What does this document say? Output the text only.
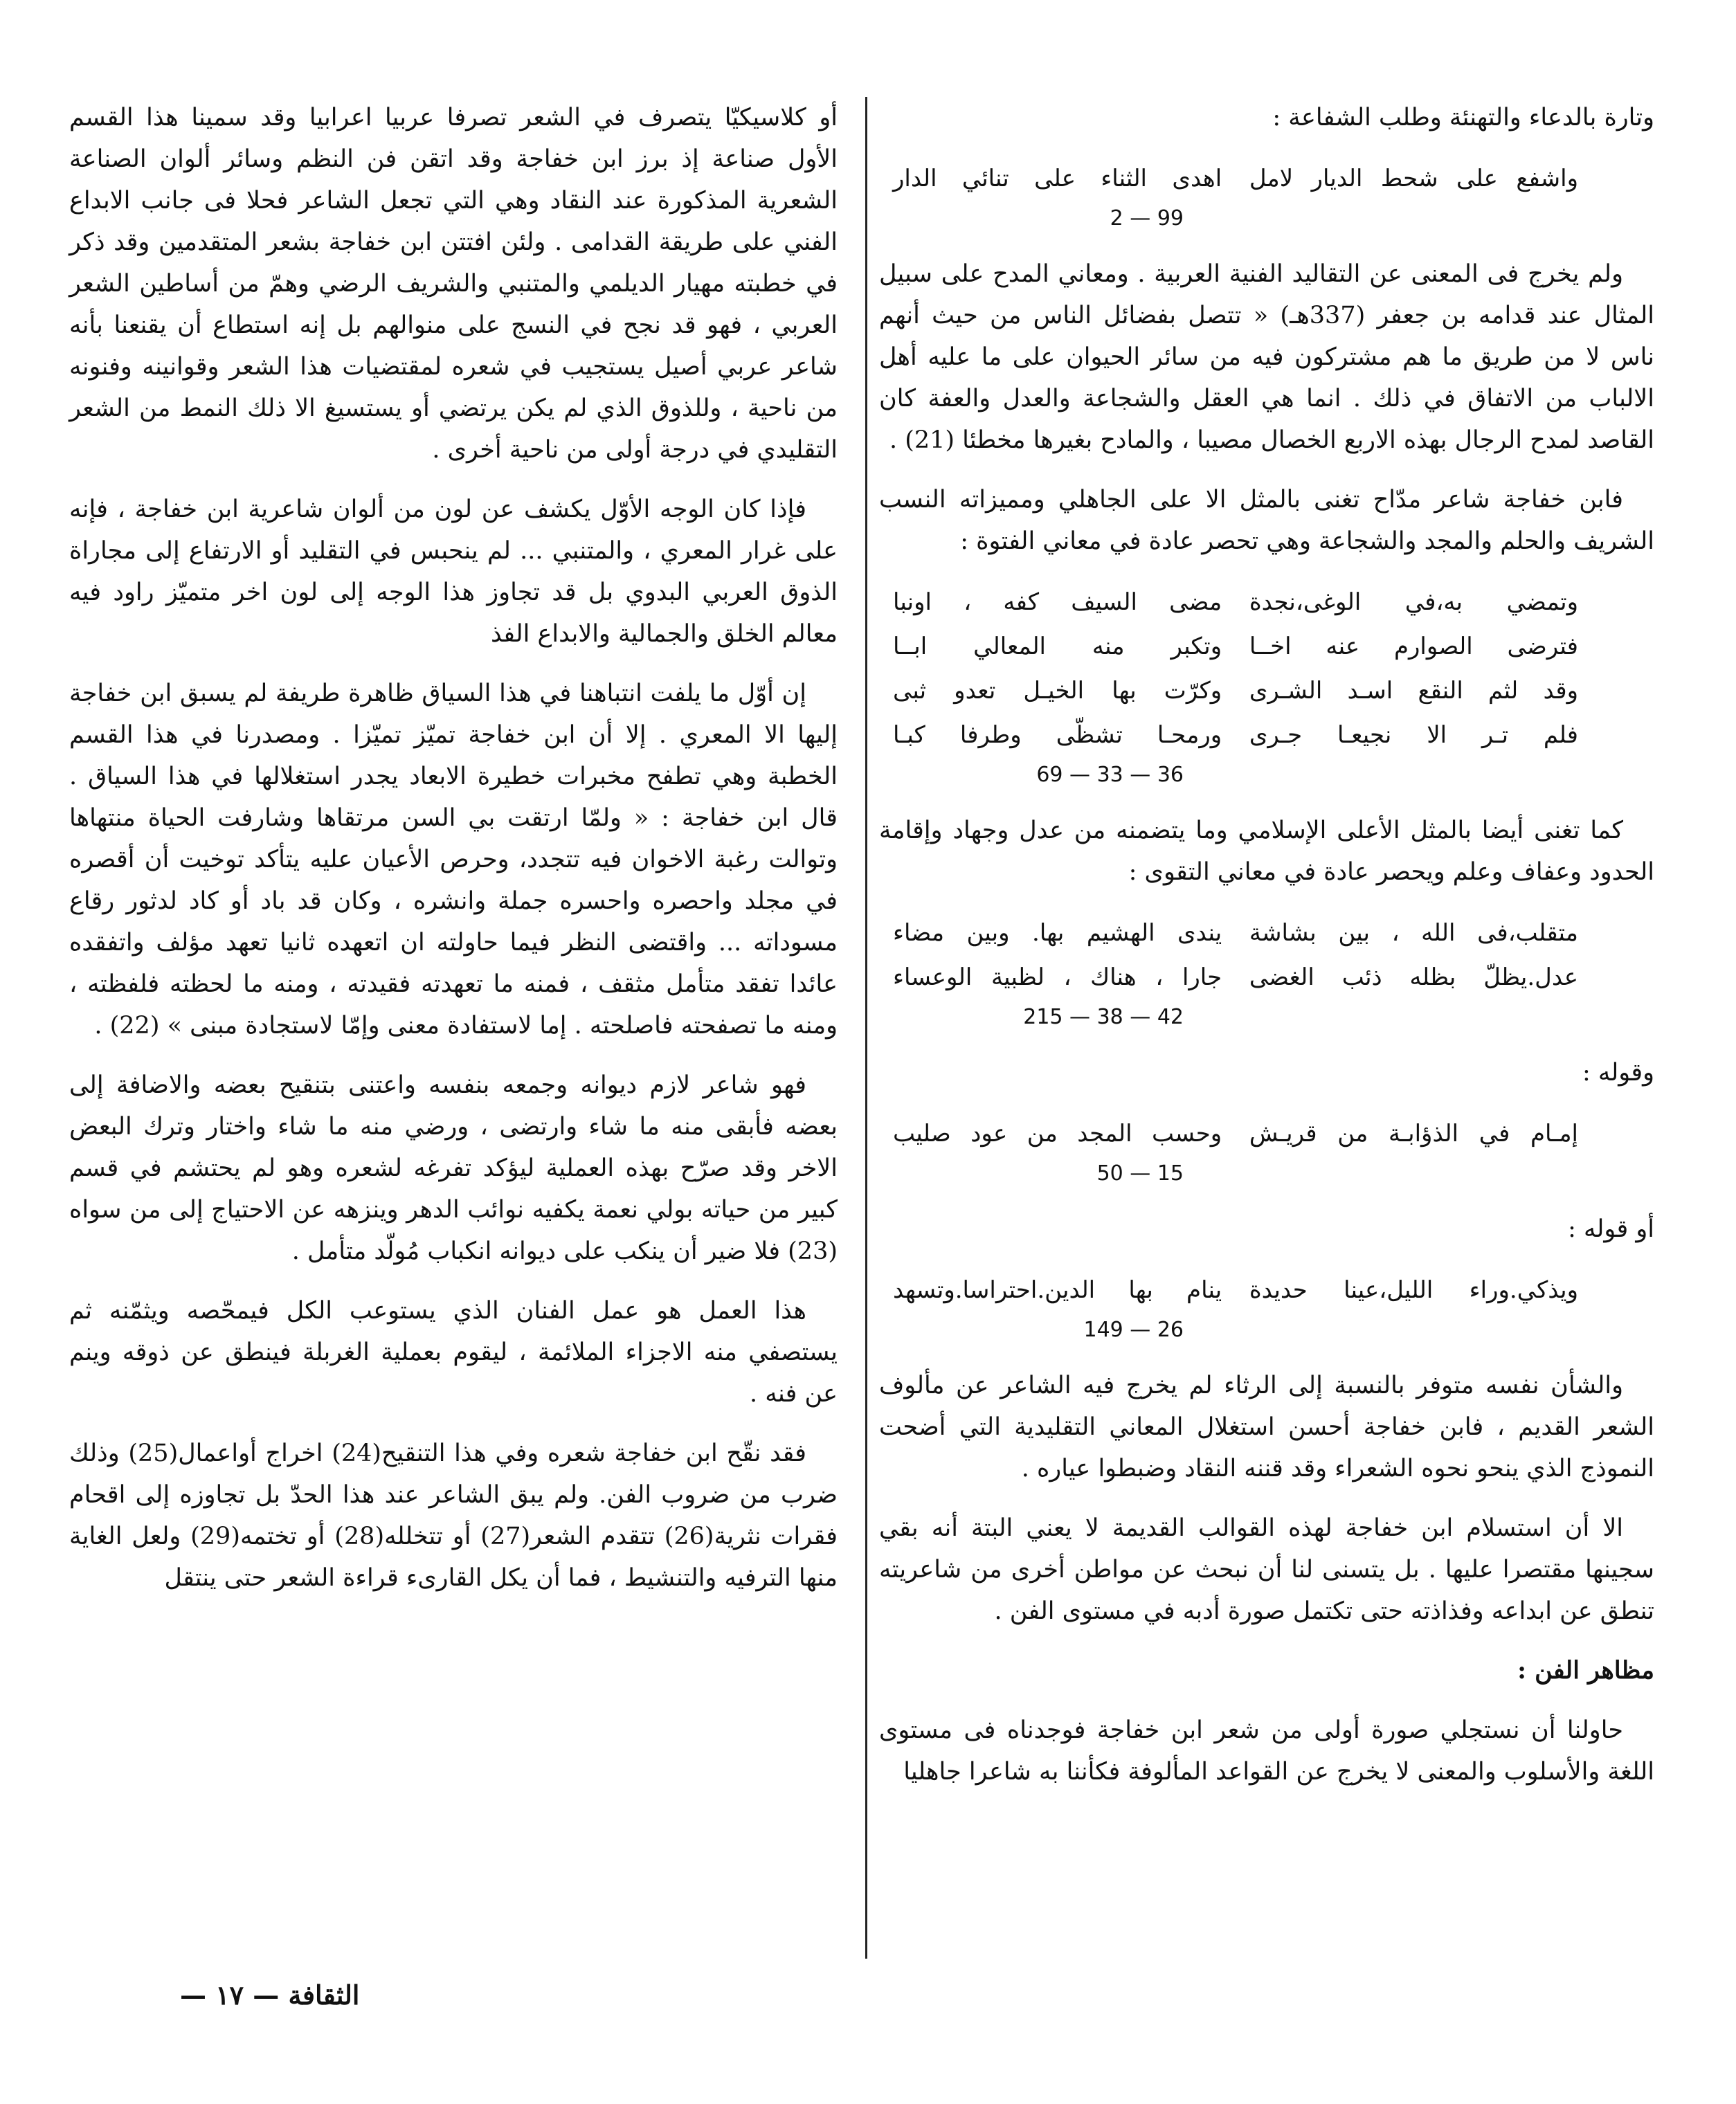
وتارة بالدعاء والتهنئة وطلب الشفاعة :

واشفع على شحط الديار لامل
اهدى الثناء على تنائي الدار
2 — 99

ولم يخرج فى المعنى عن التقاليد الفنية العربية . ومعاني المدح على سبيل المثال عند قدامه بن جعفر (337هـ) « تتصل بفضائل الناس من حيث أنهم ناس لا من طريق ما هم مشتركون فيه من سائر الحيوان على ما عليه أهل الالباب من الاتفاق في ذلك . انما هي العقل والشجاعة والعدل والعفة كان القاصد لمدح الرجال بهذه الاربع الخصال مصيبا ، والمادح بغيرها مخطئا (21) .

فابن خفاجة شاعر مدّاح تغنى بالمثل الا على الجاهلي ومميزاته النسب الشريف والحلم والمجد والشجاعة وهي تحصر عادة في معاني الفتوة :

وتمضي به،في الوغى،نجدة
مضى السيف كفه ، اونبا
فترضى الصوارم عنه اخــا
وتكبر منه المعالي ابــا
وقد لثم النقع اسـد الشـرى
وكرّت بها الخيـل تعدو ثبى
فلم تـر الا نجيعـا جـرى
ورمحـا تشظّى وطرفا كبـا
69 — 33 — 36

كما تغنى أيضا بالمثل الأعلى الإسلامي وما يتضمنه من عدل وجهاد وإقامة الحدود وعفاف وعلم ويحصر عادة في معاني التقوى :

متقلب،فى الله ، بين بشاشة
يندى الهشيم بها. وبين مضاء
عدل.يظلّ بظله ذئب الغضى
جارا ، هناك ، لظبية الوعساء
215 — 38 — 42

وقوله :

إمـام في الذؤابـة من قريـش
وحسب المجد من عود صليب
50 — 15

أو قوله :

ويذكي.وراء الليل،عينا حديدة
ينام بها الدين.احتراسا.وتسهد
149 — 26

والشأن نفسه متوفر بالنسبة إلى الرثاء لم يخرج فيه الشاعر عن مألوف الشعر القديم ، فابن خفاجة أحسن استغلال المعاني التقليدية التي أضحت النموذج الذي ينحو نحوه الشعراء وقد قننه النقاد وضبطوا عياره .

الا أن استسلام ابن خفاجة لهذه القوالب القديمة لا يعني البتة أنه بقي سجينها مقتصرا عليها . بل يتسنى لنا أن نبحث عن مواطن أخرى من شاعريته تنطق عن ابداعه وفذاذته حتى تكتمل صورة أدبه في مستوى الفن .

مظاهر الفن :

حاولنا أن نستجلي صورة أولى من شعر ابن خفاجة فوجدناه فى مستوى اللغة والأسلوب والمعنى لا يخرج عن القواعد المألوفة فكأننا به شاعرا جاهليا

أو كلاسيكيّا يتصرف في الشعر تصرفا عربيا اعرابيا وقد سمينا هذا القسم الأول صناعة إذ برز ابن خفاجة وقد اتقن فن النظم وسائر ألوان الصناعة الشعرية المذكورة عند النقاد وهي التي تجعل الشاعر فحلا فى جانب الابداع الفني على طريقة القدامى . ولئن افتتن ابن خفاجة بشعر المتقدمين وقد ذكر في خطبته مهيار الديلمي والمتنبي والشريف الرضي وهمّ من أساطين الشعر العربي ، فهو قد نجح في النسج على منوالهم بل إنه استطاع أن يقنعنا بأنه شاعر عربي أصيل يستجيب في شعره لمقتضيات هذا الشعر وقوانينه وفنونه من ناحية ، وللذوق الذي لم يكن يرتضي أو يستسيغ الا ذلك النمط من الشعر التقليدي في درجة أولى من ناحية أخرى .

فإذا كان الوجه الأوّل يكشف عن لون من ألوان شاعرية ابن خفاجة ، فإنه على غرار المعري ، والمتنبي ... لم ينحبس في التقليد أو الارتفاع إلى مجاراة الذوق العربي البدوي بل قد تجاوز هذا الوجه إلى لون اخر متميّز راود فيه معالم الخلق والجمالية والابداع الفذ

إن أوّل ما يلفت انتباهنا في هذا السياق ظاهرة طريفة لم يسبق ابن خفاجة إليها الا المعري . إلا أن ابن خفاجة تميّز تميّزا . ومصدرنا في هذا القسم الخطبة وهي تطفح مخبرات خطيرة الابعاد يجدر استغلالها في هذا السياق . قال ابن خفاجة : « ولمّا ارتقت بي السن مرتقاها وشارفت الحياة منتهاها وتوالت رغبة الاخوان فيه تتجدد، وحرص الأعيان عليه يتأكد توخيت أن أقصره في مجلد واحصره واحسره جملة وانشره ، وكان قد باد أو كاد لدثور رقاع مسوداته ... واقتضى النظر فيما حاولته ان اتعهده ثانيا تعهد مؤلف واتفقده عائدا تفقد متأمل مثقف ، فمنه ما تعهدته فقيدته ، ومنه ما لحظته فلفظته ، ومنه ما تصفحته فاصلحته . إما لاستفادة معنى وإمّا لاستجادة مبنى » (22) .

فهو شاعر لازم ديوانه وجمعه بنفسه واعتنى بتنقيح بعضه والاضافة إلى بعضه فأبقى منه ما شاء وارتضى ، ورضي منه ما شاء واختار وترك البعض الاخر وقد صرّح بهذه العملية ليؤكد تفرغه لشعره وهو لم يحتشم في قسم كبير من حياته بولي نعمة يكفيه نوائب الدهر وينزهه عن الاحتياج إلى من سواه (23) فلا ضير أن ينكب على ديوانه انكباب مُولّد متأمل .

هذا العمل هو عمل الفنان الذي يستوعب الكل فيمحّصه ويثمّنه ثم يستصفي منه الاجزاء الملائمة ، ليقوم بعملية الغربلة فينطق عن ذوقه وينم عن فنه .

فقد نقّح ابن خفاجة شعره وفي هذا التنقيح(24) اخراج أواعمال(25) وذلك ضرب من ضروب الفن. ولم يبق الشاعر عند هذا الحدّ بل تجاوزه إلى اقحام فقرات نثرية(26) تتقدم الشعر(27) أو تتخلله(28) أو تختمه(29) ولعل الغاية منها الترفيه والتنشيط ، فما أن يكل القارىء قراءة الشعر حتى ينتقل

الثقافة — ١٧ —
